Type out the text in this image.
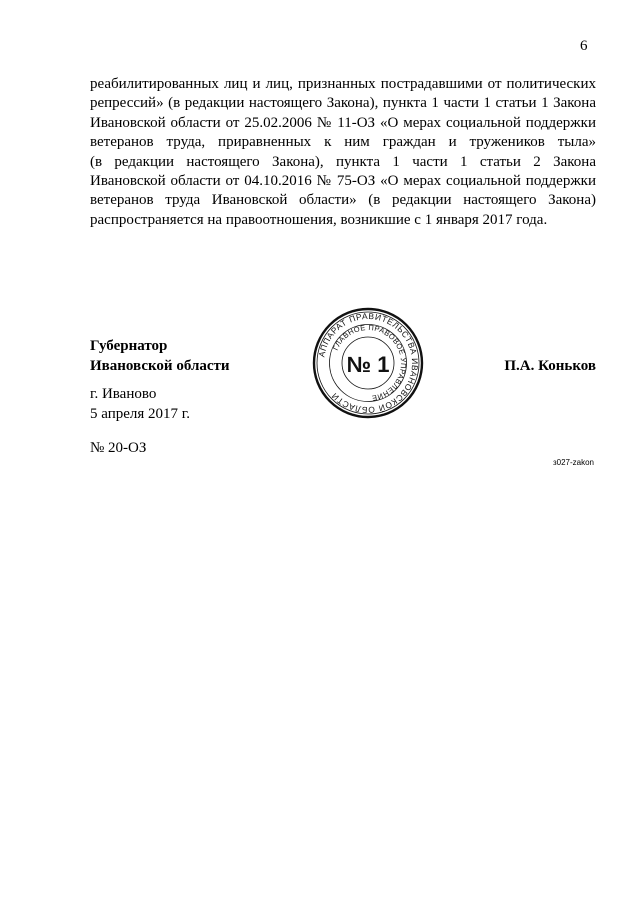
6
реабилитированных лиц и лиц, признанных пострадавшими от политических
репрессий» (в редакции настоящего Закона), пункта 1 части 1 статьи 1 Закона
Ивановской области от 25.02.2006 № 11-ОЗ «О мерах социальной поддержки
ветеранов труда, приравненных к ним граждан и тружеников тыла»
(в редакции настоящего Закона), пункта 1 части 1 статьи 2 Закона
Ивановской области от 04.10.2016 № 75-ОЗ «О мерах социальной поддержки
ветеранов труда Ивановской области» (в редакции настоящего Закона)
распространяется на правоотношения, возникшие с 1 января 2017 года.
Губернатор
Ивановской области
АППАРАТ ПРАВИТЕЛЬСТВА ИВАНОВСКОЙ ОБЛАСТИ
ГЛАВНОЕ ПРАВОВОЕ УПРАВЛЕНИЕ
№ 1	П.А. Коньков
г. Иваново
5 апреля 2017 г.
№ 20-ОЗ
з027-zakon
